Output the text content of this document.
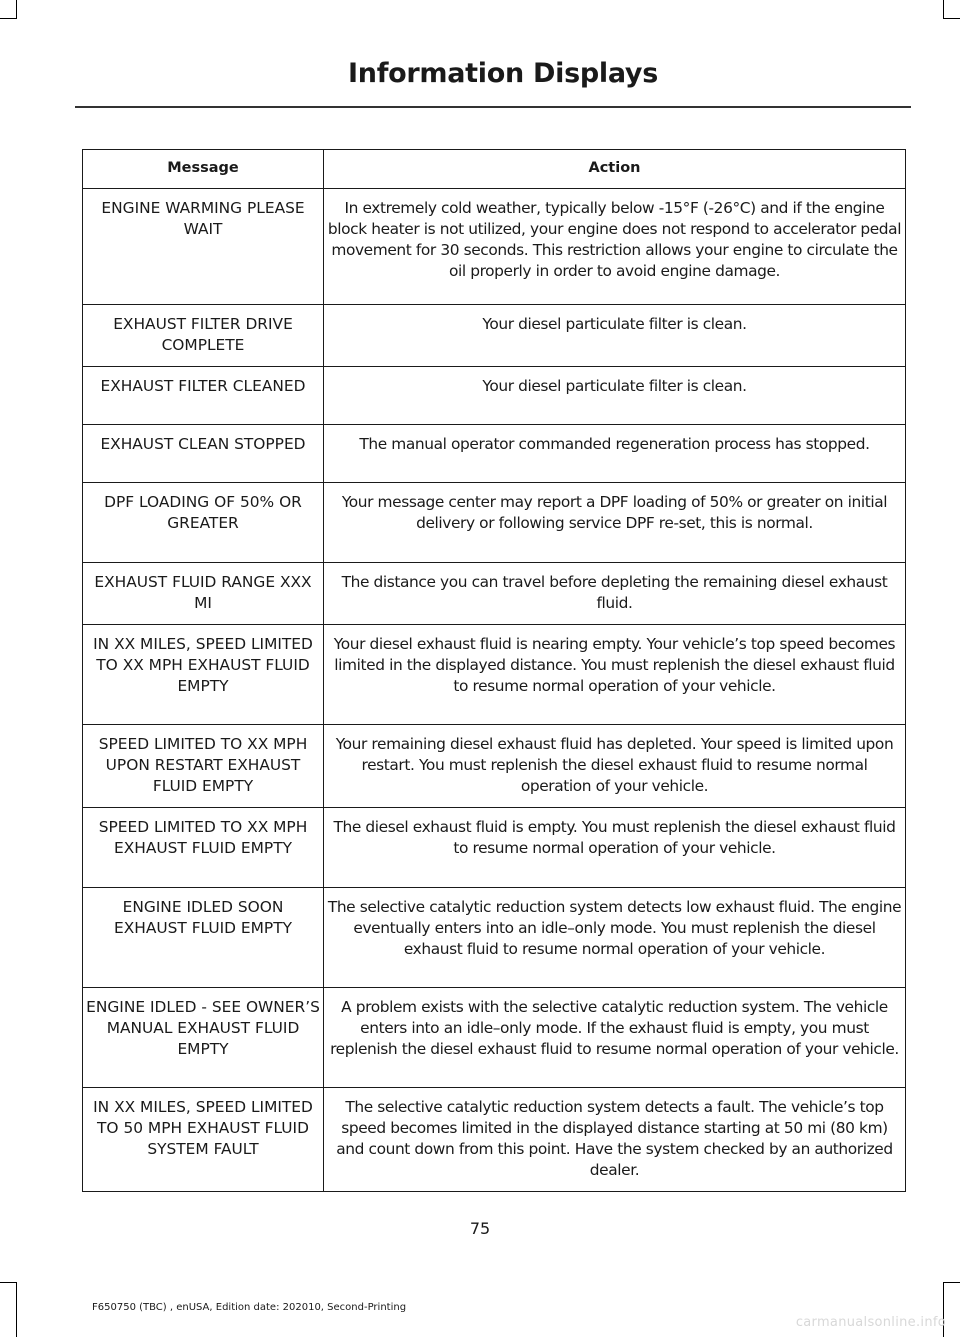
Information Displays
Message	Action
ENGINE WARMING PLEASE WAIT	In extremely cold weather, typically below -15°F (-26°C) and if the engine block heater is not utilized, your engine does not respond to accelerator pedal movement for 30 seconds. This restriction allows your engine to circulate the oil properly in order to avoid engine damage.
EXHAUST FILTER DRIVE COMPLETE	Your diesel particulate filter is clean.
EXHAUST FILTER CLEANED	Your diesel particulate filter is clean.
EXHAUST CLEAN STOPPED	The manual operator commanded regeneration process has stopped.
DPF LOADING OF 50% OR GREATER	Your message center may report a DPF loading of 50% or greater on initial delivery or following service DPF re-set, this is normal.
EXHAUST FLUID RANGE XXX MI	The distance you can travel before depleting the remaining diesel exhaust fluid.
IN XX MILES, SPEED LIMITED TO XX MPH EXHAUST FLUID EMPTY	Your diesel exhaust fluid is nearing empty. Your vehicle’s top speed becomes limited in the displayed distance. You must replenish the diesel exhaust fluid to resume normal operation of your vehicle.
SPEED LIMITED TO XX MPH UPON RESTART EXHAUST FLUID EMPTY	Your remaining diesel exhaust fluid has depleted. Your speed is limited upon restart. You must replenish the diesel exhaust fluid to resume normal operation of your vehicle.
SPEED LIMITED TO XX MPH EXHAUST FLUID EMPTY	The diesel exhaust fluid is empty. You must replenish the diesel exhaust fluid to resume normal operation of your vehicle.
ENGINE IDLED SOON EXHAUST FLUID EMPTY	The selective catalytic reduction system detects low exhaust fluid. The engine eventually enters into an idle–only mode. You must replenish the diesel exhaust fluid to resume normal operation of your vehicle.
ENGINE IDLED - SEE OWNER’S MANUAL EXHAUST FLUID EMPTY	A problem exists with the selective catalytic reduction system. The vehicle enters into an idle–only mode. If the exhaust fluid is empty, you must replenish the diesel exhaust fluid to resume normal operation of your vehicle.
IN XX MILES, SPEED LIMITED TO 50 MPH EXHAUST FLUID SYSTEM FAULT	The selective catalytic reduction system detects a fault. The vehicle’s top speed becomes limited in the displayed distance starting at 50 mi (80 km) and count down from this point. Have the system checked by an authorized dealer.
75
F650750 (TBC) , enUSA, Edition date: 202010, Second-Printing
carmanualsonline.info
